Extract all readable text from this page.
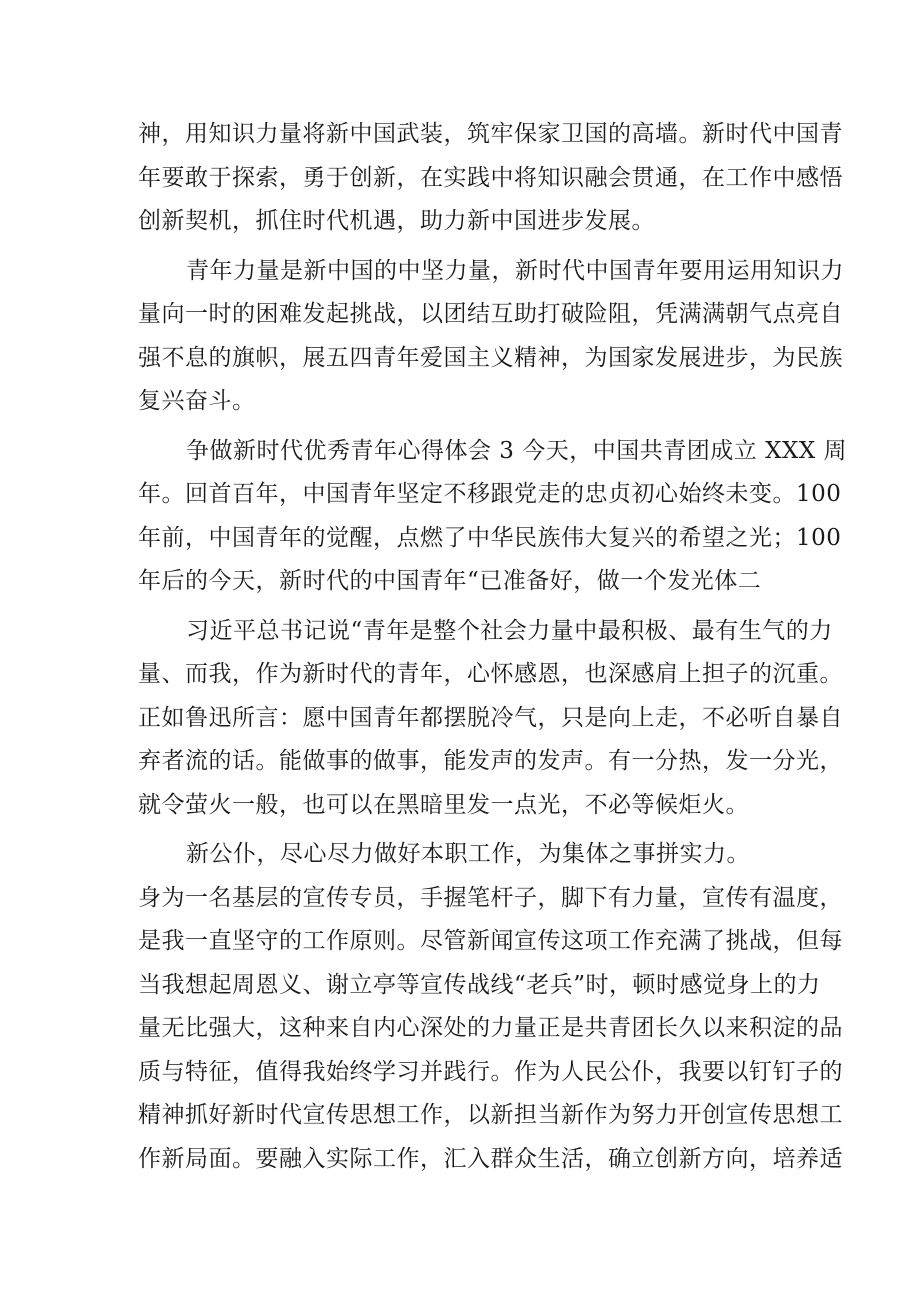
神，用知识力量将新中国武装，筑牢保家卫国的高墙。新时代中国青
年要敢于探索，勇于创新，在实践中将知识融会贯通，在工作中感悟
创新契机，抓住时代机遇，助力新中国进步发展。
青年力量是新中国的中坚力量，新时代中国青年要用运用知识力
量向一时的困难发起挑战，以团结互助打破险阻，凭满满朝气点亮自
强不息的旗帜，展五四青年爱国主义精神，为国家发展进步，为民族
复兴奋斗。
争做新时代优秀青年心得体会 3 今天，中国共青团成立 XXX 周
年。回首百年，中国青年坚定不移跟党走的忠贞初心始终未变。100
年前，中国青年的觉醒，点燃了中华民族伟大复兴的希望之光；100
年后的今天，新时代的中国青年“已准备好，做一个发光体二
习近平总书记说“青年是整个社会力量中最积极、最有生气的力
量、而我，作为新时代的青年，心怀感恩，也深感肩上担子的沉重。
正如鲁迅所言：愿中国青年都摆脱冷气，只是向上走，不必听自暴自
弃者流的话。能做事的做事，能发声的发声。有一分热，发一分光，
就令萤火一般，也可以在黑暗里发一点光，不必等候炬火。
新公仆，尽心尽力做好本职工作，为集体之事拼实力。
身为一名基层的宣传专员，手握笔杆子，脚下有力量，宣传有温度，
是我一直坚守的工作原则。尽管新闻宣传这项工作充满了挑战，但每
当我想起周恩义、谢立亭等宣传战线“老兵”时，顿时感觉身上的力
量无比强大，这种来自内心深处的力量正是共青团长久以来积淀的品
质与特征，值得我始终学习并践行。作为人民公仆，我要以钉钉子的
精神抓好新时代宣传思想工作，以新担当新作为努力开创宣传思想工
作新局面。要融入实际工作，汇入群众生活，确立创新方向，培养适
